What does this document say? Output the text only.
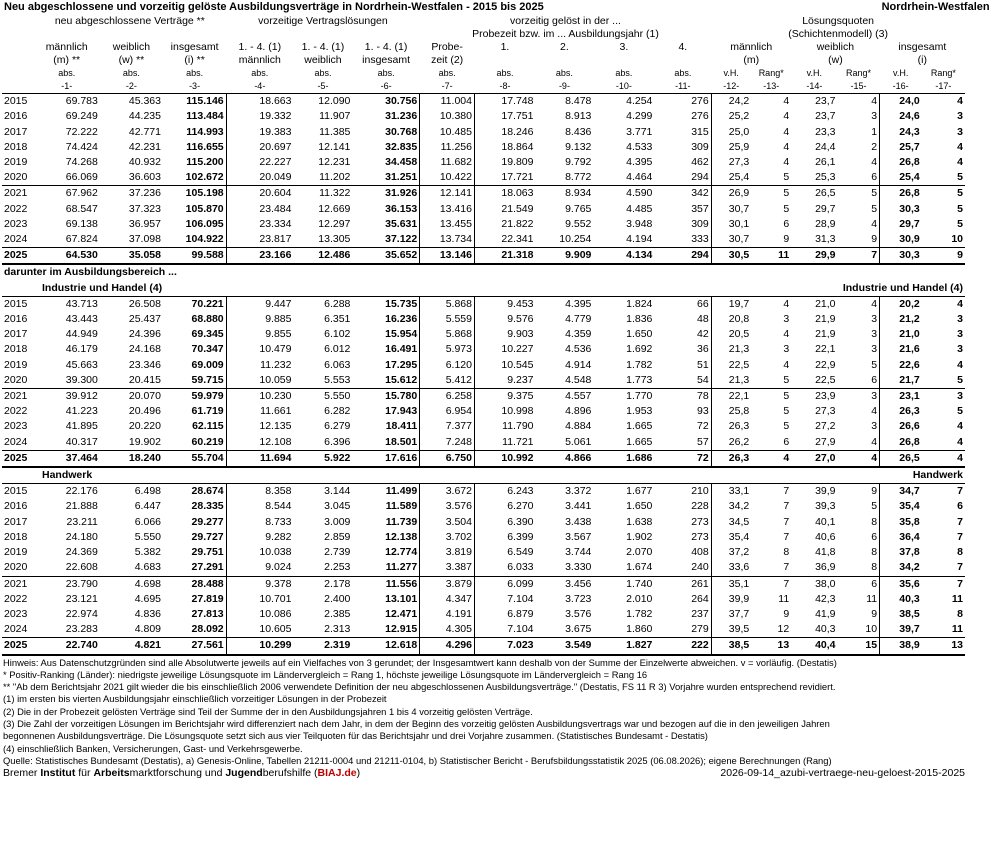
Neu abgeschlossene und vorzeitig gelöste Ausbildungsverträge in Nordrhein-Westfalen - 2015 bis 2025																Nordrhein-Westfalen	
	neu abgeschlossene Verträge **			vorzeitige Vertragslösungen			vorzeitig gelöst in der ...					Lösungsquoten					
							Probezeit bzw. im ... Ausbildungsjahr (1)					(Schichtenmodell) (3)					
	männlich	weiblich	insgesamt	1. - 4. (1)	1. - 4. (1)	1. - 4. (1)	Probe-	1.	2.	3.	4.	männlich		weiblich		insgesamt	
	(m) **	(w) **	(i) **	männlich	weiblich	insgesamt	zeit (2)					(m)		(w)		(i)	
	abs.	abs.	abs.	abs.	abs.	abs.	abs.	abs.	abs.	abs.	abs.	v.H.	Rang*	v.H.	Rang*	v.H.	Rang*
	-1-	-2-	-3-	-4-	-5-	-6-	-7-	-8-	-9-	-10-	-11-	-12-	-13-	-14-	-15-	-16-	-17-
2015	69.783	45.363	115.146	18.663	12.090	30.756	11.004	17.748	8.478	4.254	276	24,2	4	23,7	4	24,0	4
2016	69.249	44.235	113.484	19.332	11.907	31.236	10.380	17.751	8.913	4.299	276	25,2	4	23,7	3	24,6	3
2017	72.222	42.771	114.993	19.383	11.385	30.768	10.485	18.246	8.436	3.771	315	25,0	4	23,3	1	24,3	3
2018	74.424	42.231	116.655	20.697	12.141	32.835	11.256	18.864	9.132	4.533	309	25,9	4	24,4	2	25,7	4
2019	74.268	40.932	115.200	22.227	12.231	34.458	11.682	19.809	9.792	4.395	462	27,3	4	26,1	4	26,8	4
2020	66.069	36.603	102.672	20.049	11.202	31.251	10.422	17.721	8.772	4.464	294	25,4	5	25,3	6	25,4	5
2021	67.962	37.236	105.198	20.604	11.322	31.926	12.141	18.063	8.934	4.590	342	26,9	5	26,5	5	26,8	5
2022	68.547	37.323	105.870	23.484	12.669	36.153	13.416	21.549	9.765	4.485	357	30,7	5	29,7	5	30,3	5
2023	69.138	36.957	106.095	23.334	12.297	35.631	13.455	21.822	9.552	3.948	309	30,1	6	28,9	4	29,7	5
2024	67.824	37.098	104.922	23.817	13.305	37.122	13.734	22.341	10.254	4.194	333	30,7	9	31,3	9	30,9	10
2025	64.530	35.058	99.588	23.166	12.486	35.652	13.146	21.318	9.909	4.134	294	30,5	11	29,9	7	30,3	9
darunter im Ausbildungsbereich ...																	
Industrie und Handel (4)												Industrie und Handel (4)					
2015	43.713	26.508	70.221	9.447	6.288	15.735	5.868	9.453	4.395	1.824	66	19,7	4	21,0	4	20,2	4
2016	43.443	25.437	68.880	9.885	6.351	16.236	5.559	9.576	4.779	1.836	48	20,8	3	21,9	3	21,2	3
2017	44.949	24.396	69.345	9.855	6.102	15.954	5.868	9.903	4.359	1.650	42	20,5	4	21,9	3	21,0	3
2018	46.179	24.168	70.347	10.479	6.012	16.491	5.973	10.227	4.536	1.692	36	21,3	3	22,1	3	21,6	3
2019	45.663	23.346	69.009	11.232	6.063	17.295	6.120	10.545	4.914	1.782	51	22,5	4	22,9	5	22,6	4
2020	39.300	20.415	59.715	10.059	5.553	15.612	5.412	9.237	4.548	1.773	54	21,3	5	22,5	6	21,7	5
2021	39.912	20.070	59.979	10.230	5.550	15.780	6.258	9.375	4.557	1.770	78	22,1	5	23,9	3	23,1	3
2022	41.223	20.496	61.719	11.661	6.282	17.943	6.954	10.998	4.896	1.953	93	25,8	5	27,3	4	26,3	5
2023	41.895	20.220	62.115	12.135	6.279	18.411	7.377	11.790	4.884	1.665	72	26,3	5	27,2	3	26,6	4
2024	40.317	19.902	60.219	12.108	6.396	18.501	7.248	11.721	5.061	1.665	57	26,2	6	27,9	4	26,8	4
2025	37.464	18.240	55.704	11.694	5.922	17.616	6.750	10.992	4.866	1.686	72	26,3	4	27,0	4	26,5	4
Handwerk												Handwerk					
2015	22.176	6.498	28.674	8.358	3.144	11.499	3.672	6.243	3.372	1.677	210	33,1	7	39,9	9	34,7	7
2016	21.888	6.447	28.335	8.544	3.045	11.589	3.576	6.270	3.441	1.650	228	34,2	7	39,3	5	35,4	6
2017	23.211	6.066	29.277	8.733	3.009	11.739	3.504	6.390	3.438	1.638	273	34,5	7	40,1	8	35,8	7
2018	24.180	5.550	29.727	9.282	2.859	12.138	3.702	6.399	3.567	1.902	273	35,4	7	40,6	6	36,4	7
2019	24.369	5.382	29.751	10.038	2.739	12.774	3.819	6.549	3.744	2.070	408	37,2	8	41,8	8	37,8	8
2020	22.608	4.683	27.291	9.024	2.253	11.277	3.387	6.033	3.330	1.674	240	33,6	7	36,9	8	34,2	7
2021	23.790	4.698	28.488	9.378	2.178	11.556	3.879	6.099	3.456	1.740	261	35,1	7	38,0	6	35,6	7
2022	23.121	4.695	27.819	10.701	2.400	13.101	4.347	7.104	3.723	2.010	264	39,9	11	42,3	11	40,3	11
2023	22.974	4.836	27.813	10.086	2.385	12.471	4.191	6.879	3.576	1.782	237	37,7	9	41,9	9	38,5	8
2024	23.283	4.809	28.092	10.605	2.313	12.915	4.305	7.104	3.675	1.860	279	39,5	12	40,3	10	39,7	11
2025	22.740	4.821	27.561	10.299	2.319	12.618	4.296	7.023	3.549	1.827	222	38,5	13	40,4	15	38,9	13
Hinweis: Aus Datenschutzgründen sind alle Absolutwerte jeweils auf ein Vielfaches von 3 gerundet; der Insgesamtwert kann deshalb von der Summe der Einzelwerte abweichen. v = vorläufig. (Destatis)
* Positiv-Ranking (Länder): niedrigste jeweilige Lösungsquote im Ländervergleich = Rang 1, höchste jeweilige Lösungsquote im Ländervergleich = Rang 16
** "Ab dem Berichtsjahr 2021 gilt wieder die bis einschließlich 2006 verwendete Definition der neu abgeschlossenen Ausbildungsverträge." (Destatis, FS 11 R 3) Vorjahre wurden entsprechend revidiert.
(1) im ersten bis vierten Ausbildungsjahr einschließlich vorzeitiger Lösungen in der Probezeit
(2) Die in der Probezeit gelösten Verträge sind Teil der Summe der in den Ausbildungsjahren 1 bis 4 vorzeitig gelösten Verträge.
(3) Die Zahl der vorzeitigen Lösungen im Berichtsjahr wird differenziert nach dem Jahr, in dem der Beginn des vorzeitig gelösten Ausbildungsvertrags war und bezogen auf die in den jeweiligen Jahren
begonnenen Ausbildungsverträge. Die Lösungsquote setzt sich aus vier Teilquoten für das Berichtsjahr und drei Vorjahre zusammen. (Statistisches Bundesamt - Destatis)
(4) einschließlich Banken, Versicherungen, Gast- und Verkehrsgewerbe.
Quelle: Statistisches Bundesamt (Destatis), a) Genesis-Online, Tabellen 21211-0004 und 21211-0104, b) Statistischer Bericht - Berufsbildungsstatistik 2025 (06.08.2026); eigene Berechnungen (Rang)
Bremer Institut für Arbeitsmarktforschung und Jugendberufshilfe (BIAJ.de)	2026-09-14_azubi-vertraege-neu-geloest-2015-2025
